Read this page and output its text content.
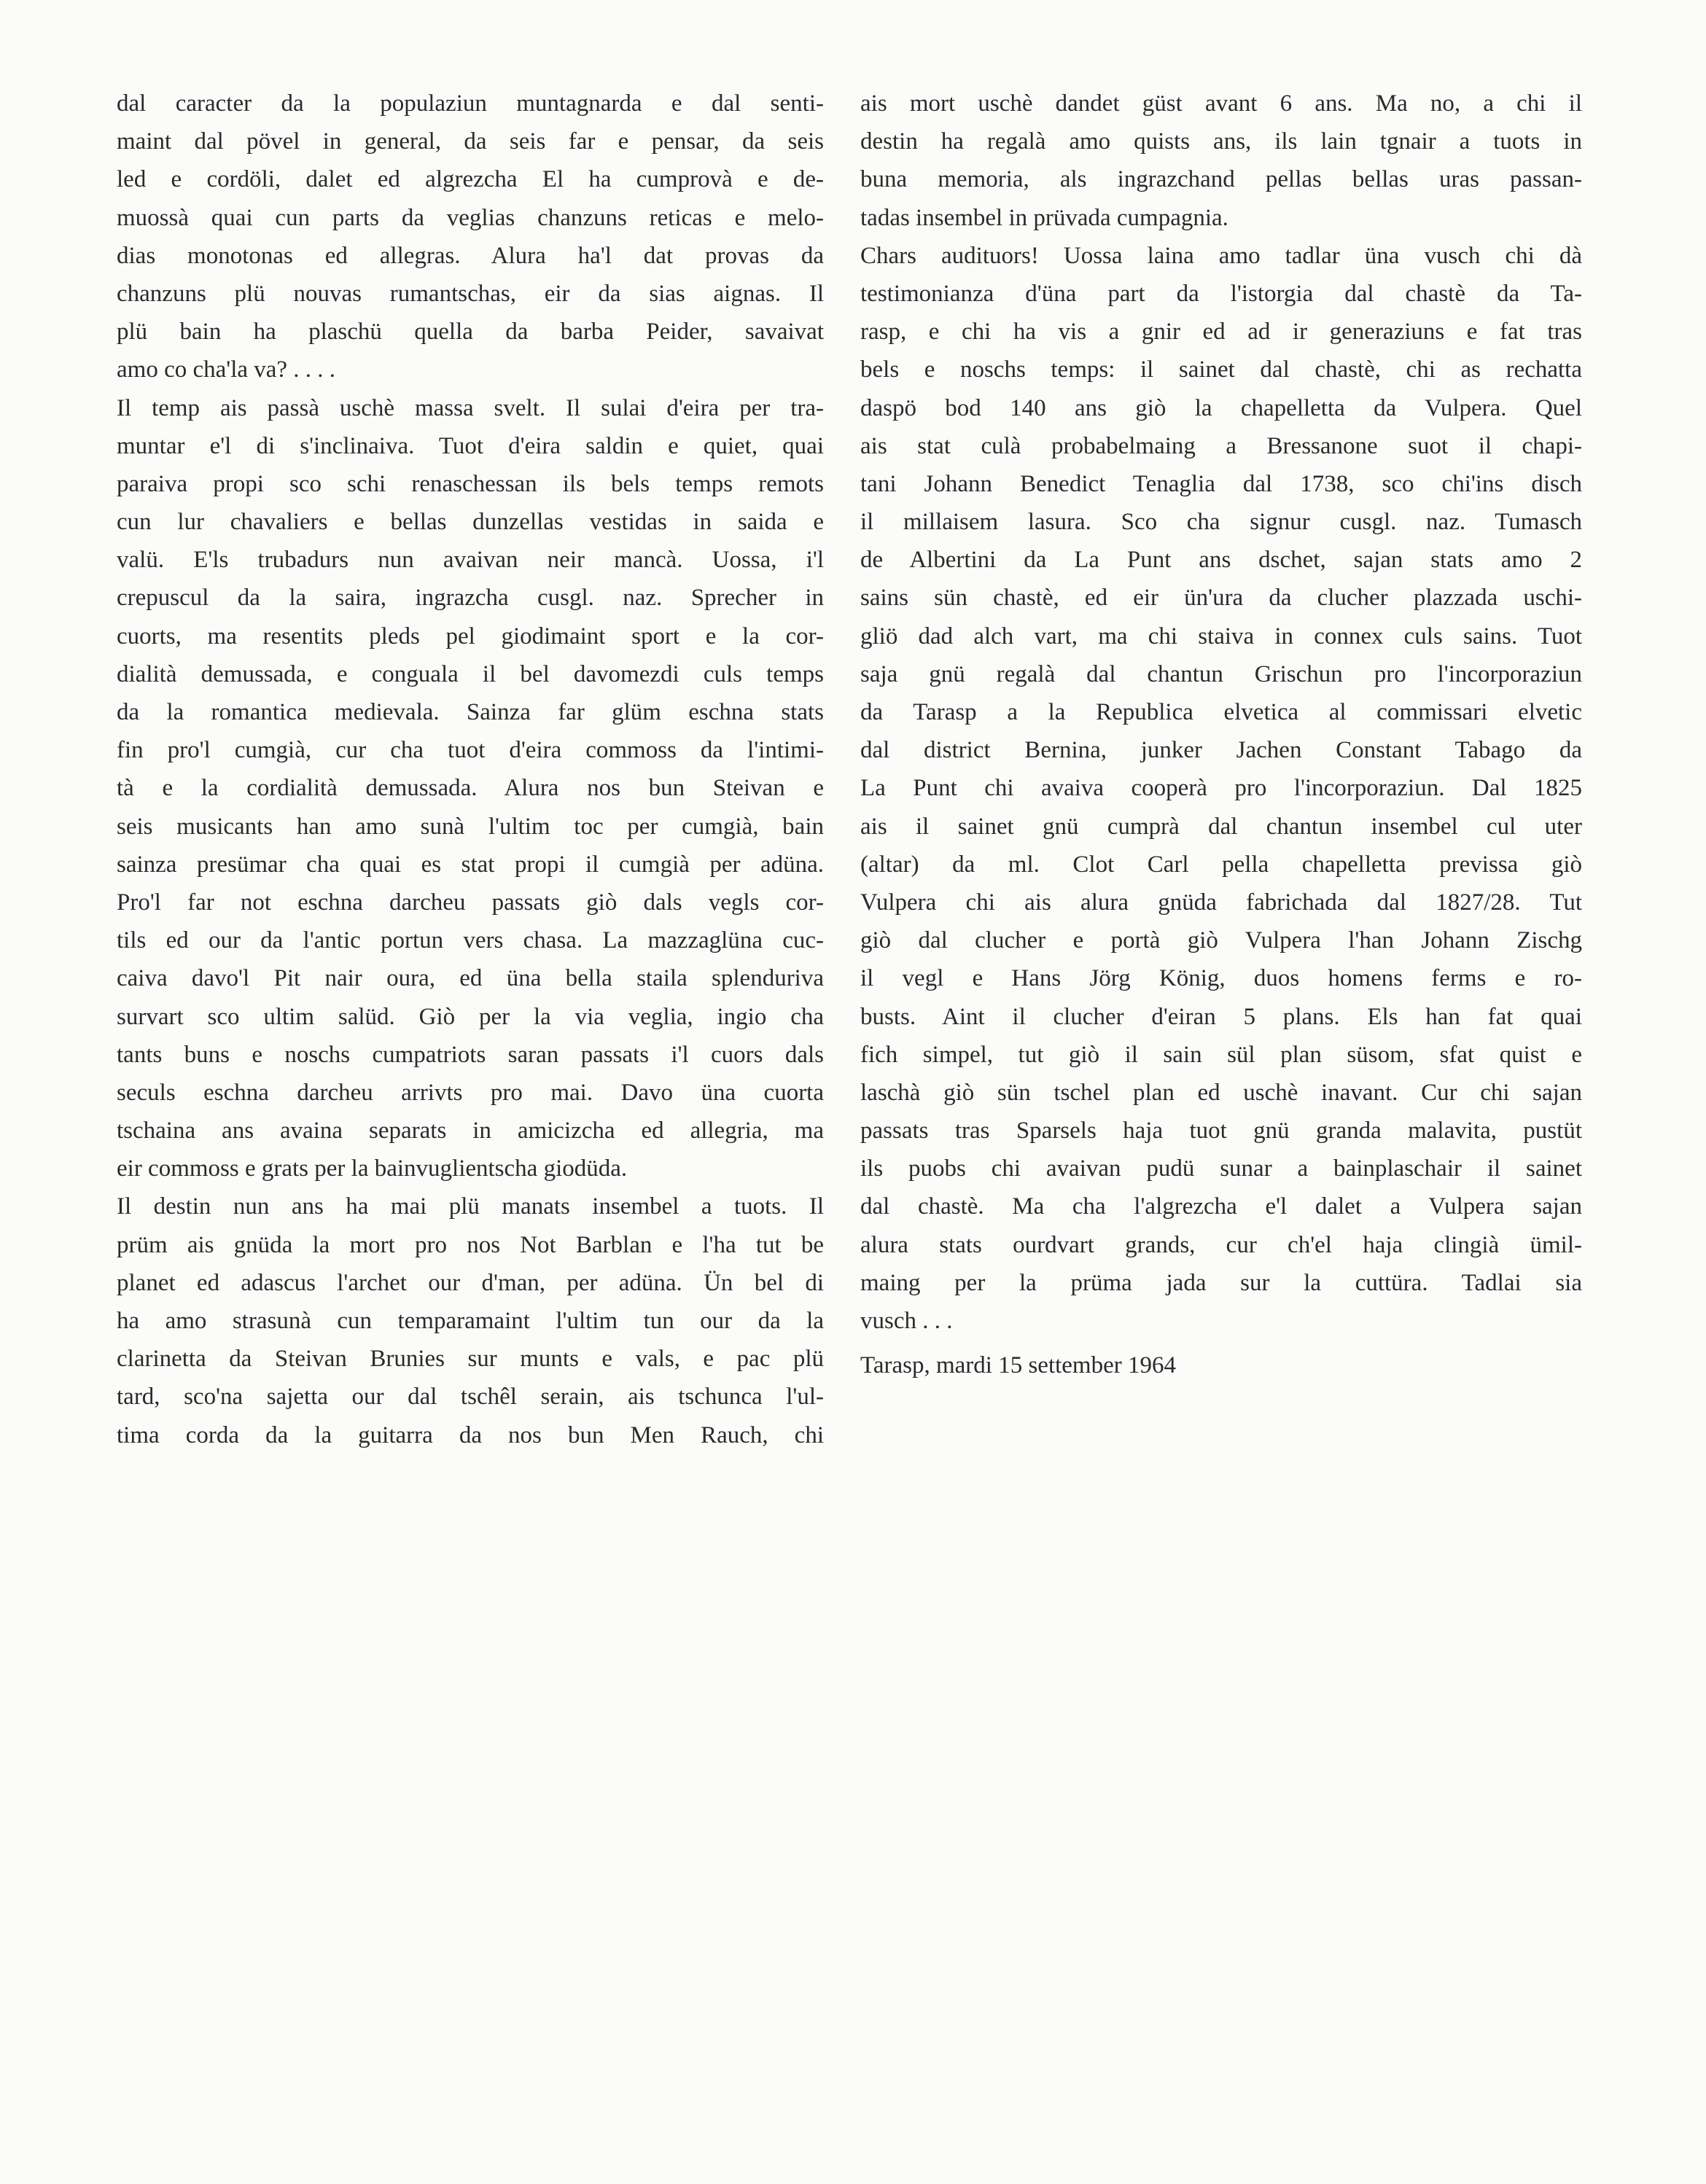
dal caracter da la populaziun muntagnarda e dal senti-
maint dal pövel in general, da seis far e pensar, da seis
led e cordöli, dalet ed algrezcha El ha cumprovà e de-
muossà quai cun parts da veglias chanzuns reticas e melo-
dias monotonas ed allegras. Alura ha'l dat provas da
chanzuns plü nouvas rumantschas, eir da sias aignas. Il
plü bain ha plaschü quella da barba Peider, savaivat
amo co cha'la va? . . . .
Il temp ais passà uschè massa svelt. Il sulai d'eira per tra-
muntar e'l di s'inclinaiva. Tuot d'eira saldin e quiet, quai
paraiva propi sco schi renaschessan ils bels temps remots
cun lur chavaliers e bellas dunzellas vestidas in saida e
valü. E'ls trubadurs nun avaivan neir mancà. Uossa, i'l
crepuscul da la saira, ingrazcha cusgl. naz. Sprecher in
cuorts, ma resentits pleds pel giodimaint sport e la cor-
dialità demussada, e conguala il bel davomezdi culs temps
da la romantica medievala. Sainza far glüm eschna stats
fin pro'l cumgià, cur cha tuot d'eira commoss da l'intimi-
tà e la cordialità demussada. Alura nos bun Steivan e
seis musicants han amo sunà l'ultim toc per cumgià, bain
sainza presümar cha quai es stat propi il cumgià per adüna.
Pro'l far not eschna darcheu passats giò dals vegls cor-
tils ed our da l'antic portun vers chasa. La mazzaglüna cuc-
caiva davo'l Pit nair oura, ed üna bella staila splenduriva
survart sco ultim salüd. Giò per la via veglia, ingio cha
tants buns e noschs cumpatriots saran passats i'l cuors dals
seculs eschna darcheu arrivts pro mai. Davo üna cuorta
tschaina ans avaina separats in amicizcha ed allegria, ma
eir commoss e grats per la bainvuglientscha giodüda.
Il destin nun ans ha mai plü manats insembel a tuots. Il
prüm ais gnüda la mort pro nos Not Barblan e l'ha tut be
planet ed adascus l'archet our d'man, per adüna. Ün bel di
ha amo strasunà cun temparamaint l'ultim tun our da la
clarinetta da Steivan Brunies sur munts e vals, e pac plü
tard, sco'na sajetta our dal tschêl serain, ais tschunca l'ul-
tima corda da la guitarra da nos bun Men Rauch, chi
ais mort uschè dandet güst avant 6 ans. Ma no, a chi il
destin ha regalà amo quists ans, ils lain tgnair a tuots in
buna memoria, als ingrazchand pellas bellas uras passan-
tadas insembel in prüvada cumpagnia.
Chars audituors! Uossa laina amo tadlar üna vusch chi dà
testimonianza d'üna part da l'istorgia dal chastè da Ta-
rasp, e chi ha vis a gnir ed ad ir generaziuns e fat tras
bels e noschs temps: il sainet dal chastè, chi as rechatta
daspö bod 140 ans giò la chapelletta da Vulpera. Quel
ais stat culà probabelmaing a Bressanone suot il chapi-
tani Johann Benedict Tenaglia dal 1738, sco chi'ins disch
il millaisem lasura. Sco cha signur cusgl. naz. Tumasch
de Albertini da La Punt ans dschet, sajan stats amo 2
sains sün chastè, ed eir ün'ura da clucher plazzada uschi-
gliö dad alch vart, ma chi staiva in connex culs sains. Tuot
saja gnü regalà dal chantun Grischun pro l'incorporaziun
da Tarasp a la Republica elvetica al commissari elvetic
dal district Bernina, junker Jachen Constant Tabago da
La Punt chi avaiva cooperà pro l'incorporaziun. Dal 1825
ais il sainet gnü cumprà dal chantun insembel cul uter
(altar) da ml. Clot Carl pella chapelletta previssa giò
Vulpera chi ais alura gnüda fabrichada dal 1827/28. Tut
giò dal clucher e portà giò Vulpera l'han Johann Zischg
il vegl e Hans Jörg König, duos homens ferms e ro-
busts. Aint il clucher d'eiran 5 plans. Els han fat quai
fich simpel, tut giò il sain sül plan süsom, sfat quist e
laschà giò sün tschel plan ed uschè inavant. Cur chi sajan
passats tras Sparsels haja tuot gnü granda malavita, pustüt
ils puobs chi avaivan pudü sunar a bainplaschair il sainet
dal chastè. Ma cha l'algrezcha e'l dalet a Vulpera sajan
alura stats ourdvart grands, cur ch'el haja clingià ümil-
maing per la prüma jada sur la cuttüra. Tadlai sia
vusch . . .
Tarasp, mardi 15 settember 1964
